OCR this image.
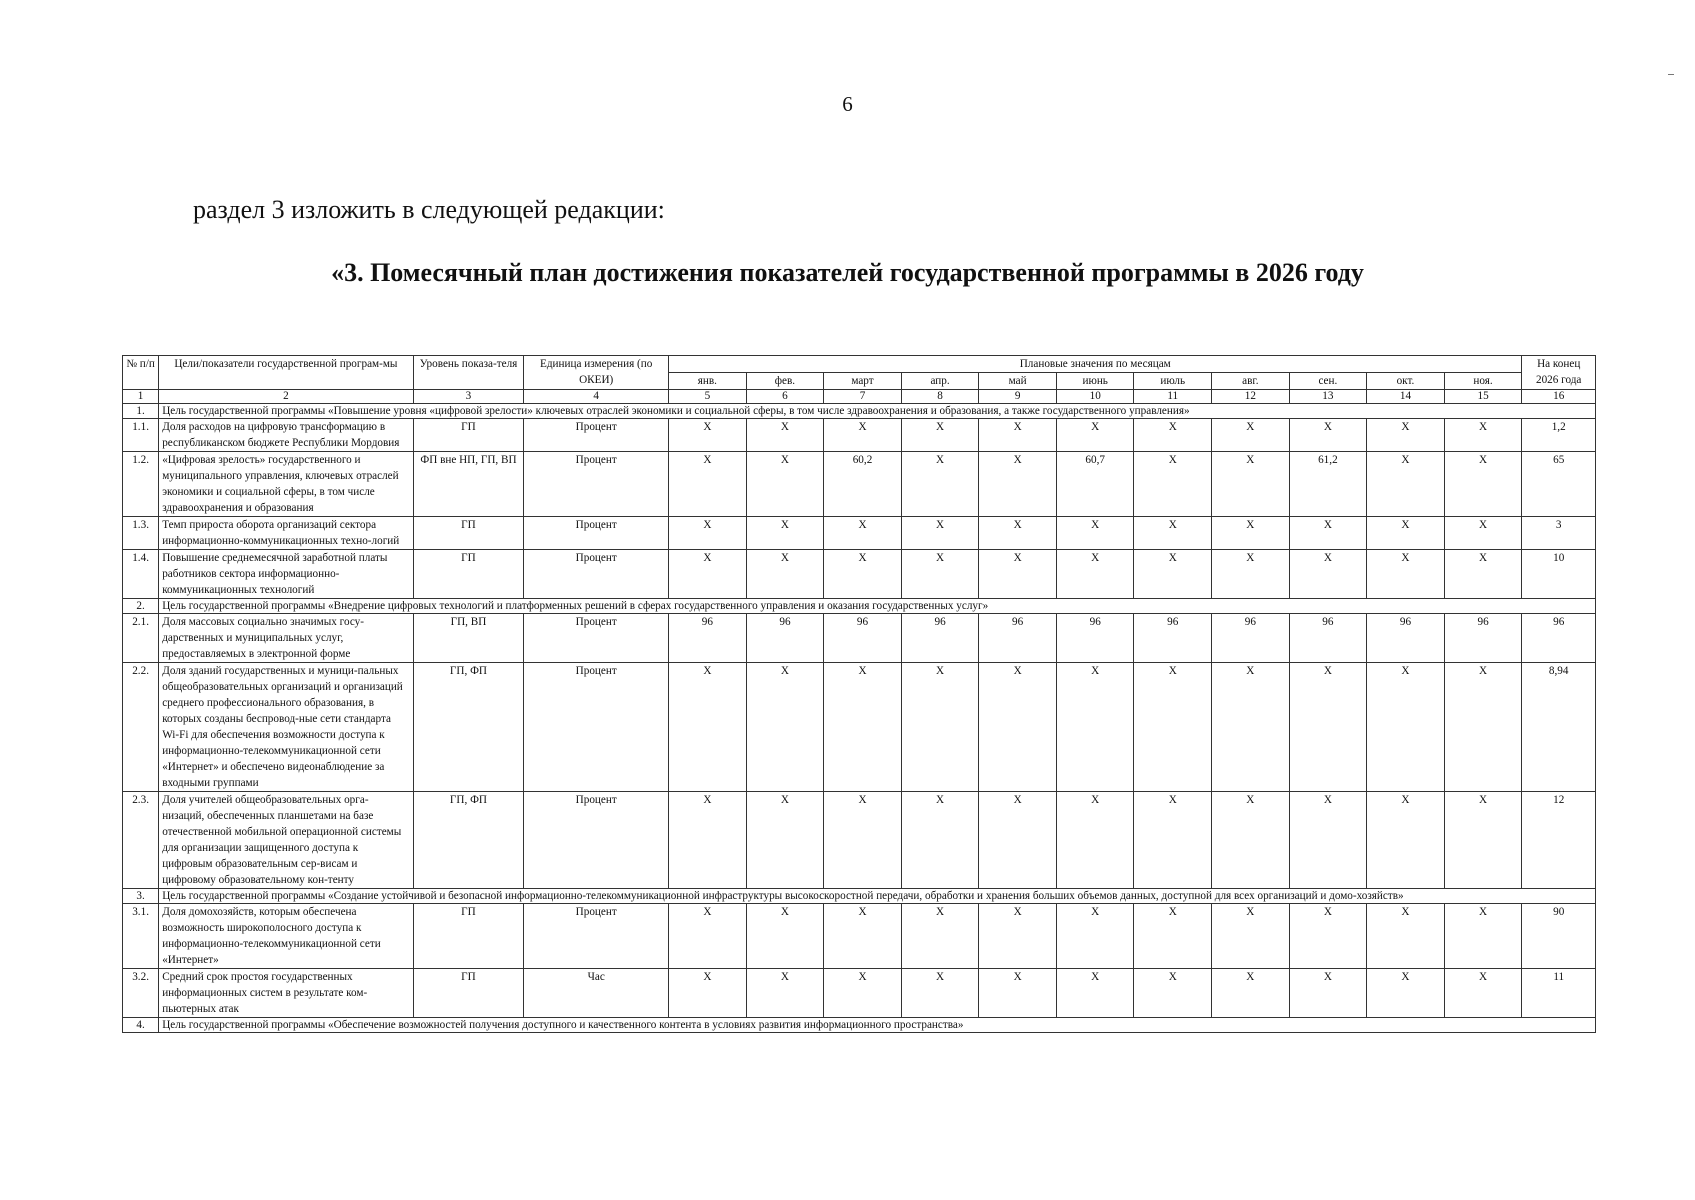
6
раздел 3 изложить в следующей редакции:
«3. Помесячный план достижения показателей государственной программы в 2026 году
№ п/п	Цели/показатели государственной програм-мы	Уровень показа-теля	Единица измерения (по ОКЕИ)	Плановые значения по месяцам											На конец 2026 года
				янв.	фев.	март	апр.	май	июнь	июль	авг.	сен.	окт.	ноя.	
1	2	3	4	5	6	7	8	9	10	11	12	13	14	15	16
1.	Цель государственной программы «Повышение уровня «цифровой зрелости» ключевых отраслей экономики и социальной сферы, в том числе здравоохранения и образования, а также государственного управления»														
1.1.	Доля расходов на цифровую трансформацию в республиканском бюджете Республики Мордовия	ГП	Процент	X	X	X	X	X	X	X	X	X	X	X	1,2
1.2.	«Цифровая зрелость» государственного и муниципального управления, ключевых отраслей экономики и социальной сферы, в том числе здравоохранения и образования	ФП вне НП, ГП, ВП	Процент	X	X	60,2	X	X	60,7	X	X	61,2	X	X	65
1.3.	Темп прироста оборота организаций сектора информационно-коммуникационных техно-логий	ГП	Процент	X	X	X	X	X	X	X	X	X	X	X	3
1.4.	Повышение среднемесячной заработной платы работников сектора информационно-коммуникационных технологий	ГП	Процент	X	X	X	X	X	X	X	X	X	X	X	10
2.	Цель государственной программы «Внедрение цифровых технологий и платформенных решений в сферах государственного управления и оказания государственных услуг»														
2.1.	Доля массовых социально значимых госу-дарственных и муниципальных услуг, предоставляемых в электронной форме	ГП, ВП	Процент	96	96	96	96	96	96	96	96	96	96	96	96
2.2.	Доля зданий государственных и муници-пальных общеобразовательных организаций и организаций среднего профессионального образования, в которых созданы беспровод-ные сети стандарта Wi-Fi для обеспечения возможности доступа к информационно-телекоммуникационной сети «Интернет» и обеспечено видеонаблюдение за входными группами	ГП, ФП	Процент	X	X	X	X	X	X	X	X	X	X	X	8,94
2.3.	Доля учителей общеобразовательных орга-низаций, обеспеченных планшетами на базе отечественной мобильной операционной системы для организации защищенного доступа к цифровым образовательным сер-висам и цифровому образовательному кон-тенту	ГП, ФП	Процент	X	X	X	X	X	X	X	X	X	X	X	12
3.	Цель государственной программы «Создание устойчивой и безопасной информационно-телекоммуникационной инфраструктуры высокоскоростной передачи, обработки и хранения больших объемов данных, доступной для всех организаций и домо-хозяйств»														
3.1.	Доля домохозяйств, которым обеспечена возможность широкополосного доступа к информационно-телекоммуникационной сети «Интернет»	ГП	Процент	X	X	X	X	X	X	X	X	X	X	X	90
3.2.	Средний срок простоя государственных информационных систем в результате ком-пьютерных атак	ГП	Час	X	X	X	X	X	X	X	X	X	X	X	11
4.	Цель государственной программы «Обеспечение возможностей получения доступного и качественного контента в условиях развития информационного пространства»														
